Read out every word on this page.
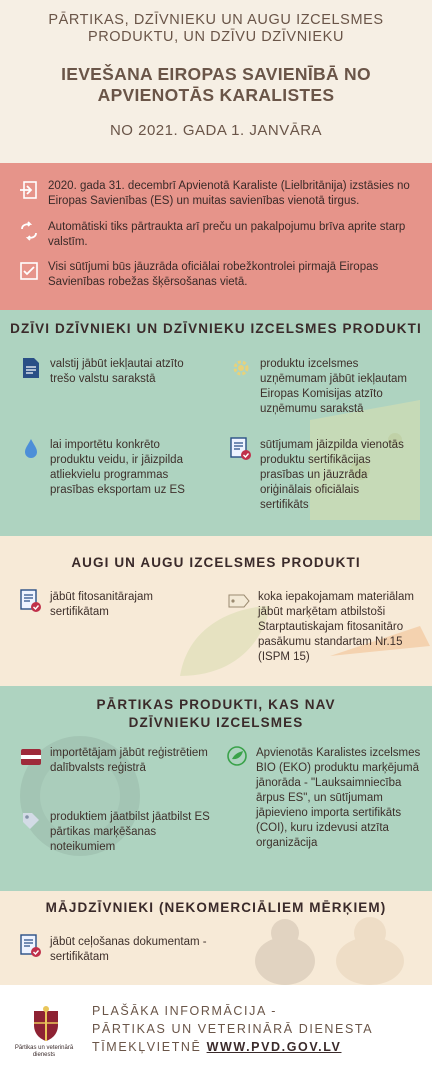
PĀRTIKAS, DZĪVNIEKU UN AUGU IZCELSMES PRODUKTU, UN DZĪVU DZĪVNIEKU
IEVEŠANA EIROPAS SAVIENĪBĀ NO APVIENOTĀS KARALISTES
NO 2021. GADA 1. JANVĀRA
2020. gada 31. decembrī Apvienotā Karaliste (Lielbritānija) izstāsies no Eiropas Savienības (ES) un muitas savienības vienotā tirgus.
Automātiski tiks pārtraukta arī preču un pakalpojumu brīva aprite starp valstīm.
Visi sūtījumi būs jāuzrāda oficiālai robežkontrolei pirmajā Eiropas Savienības robežas šķērsošanas vietā.
DZĪVI DZĪVNIEKI UN DZĪVNIEKU IZCELSMES PRODUKTI
valstij jābūt iekļautai atzīto trešo valstu sarakstā
produktu izcelsmes uzņēmumam jābūt iekļautam Eiropas Komisijas atzīto uzņēmumu sarakstā
lai importētu konkrēto produktu veidu, ir jāizpilda atliekvielu programmas prasības eksportam uz ES
sūtījumam jāizpilda vienotās produktu sertifikācijas prasības un jāuzrāda oriģinālais oficiālais sertifikāts
AUGI UN AUGU IZCELSMES PRODUKTI
jābūt fitosanitārajam sertifikātam
koka iepakojamam materiālam jābūt marķētam atbilstoši Starptautiskajam fitosanitāro pasākumu standartam Nr.15 (ISPM 15)
PĀRTIKAS PRODUKTI, KAS NAV
DZĪVNIEKU IZCELSMES
importētājam jābūt reģistrētiem dalībvalsts reģistrā
Apvienotās Karalistes izcelsmes BIO (EKO) produktu marķējumā jānorāda - "Lauksaimniecība ārpus ES", un sūtījumam jāpievieno importa sertifikāts (COI), kuru izdevusi atzīta organizācija
produktiem jāatbilst jāatbilst ES pārtikas marķēšanas noteikumiem
MĀJDZĪVNIEKI (NEKOMERCIĀLIEM MĒRĶIEM)
jābūt ceļošanas dokumentam - sertifikātam
Pārtikas un veterinārā dienests
PLAŠĀKA INFORMĀCIJA -
PĀRTIKAS UN VETERINĀRĀ DIENESTA
TĪMEKĻVIETNĒ WWW.PVD.GOV.LV
